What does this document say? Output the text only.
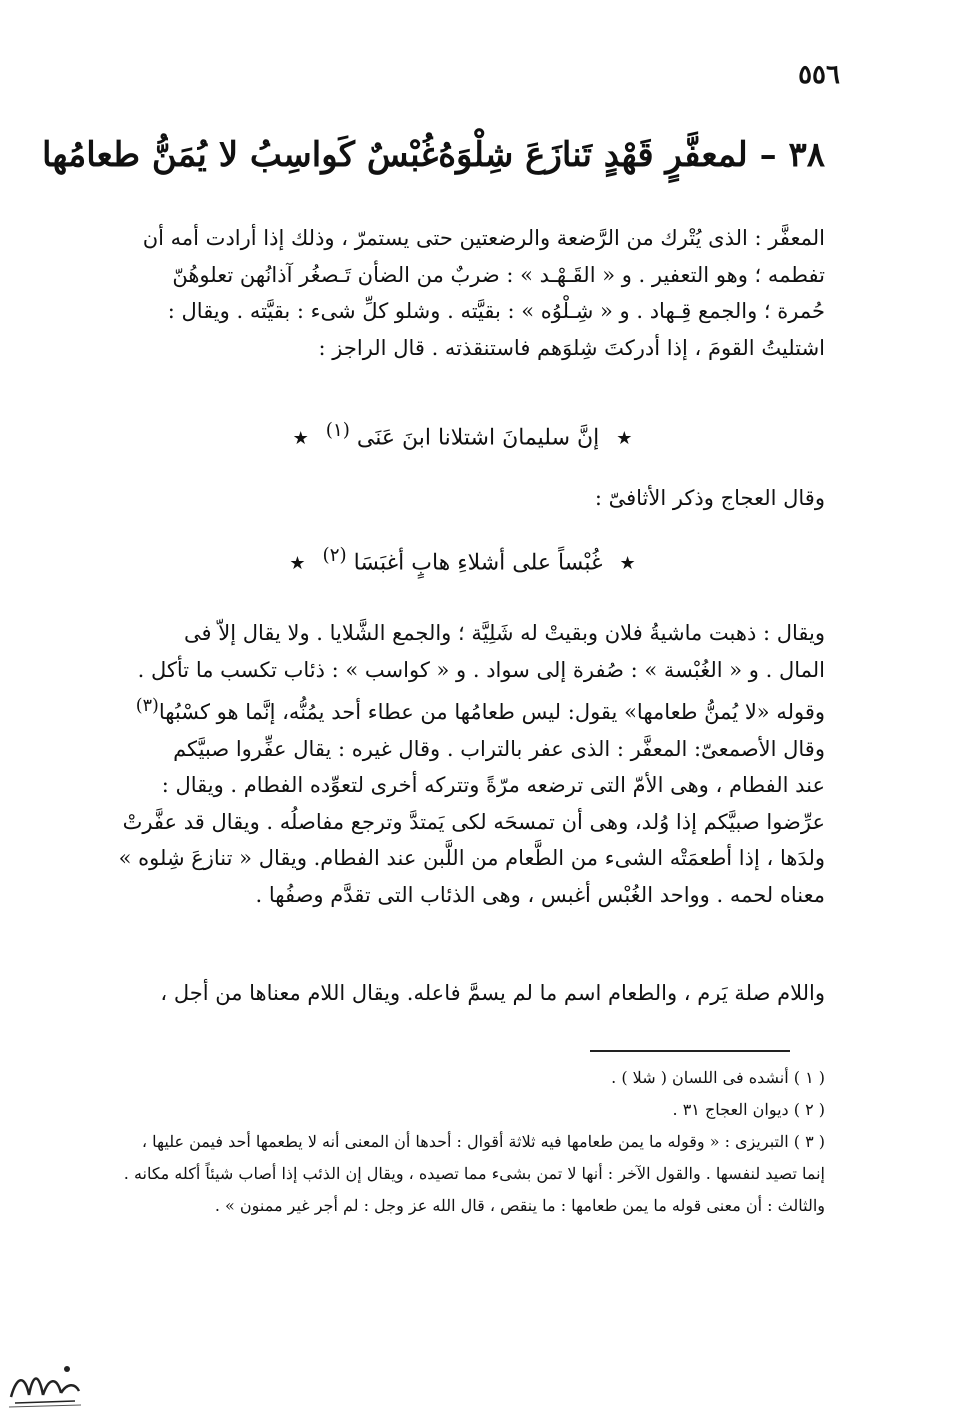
٥٥٦
٣٨ – لمعفَّرٍ قَهْدٍ تَنازَعَ شِلْوَهُ
غُبْسٌ كَواسِبُ لا يُمَنُّ طعامُها

المعفَّر : الذى يُتْرك من الرَّضعة والرضعتين حتى يستمرّ ، وذلك إذا أرادت أمه أن

تفطمه ؛ وهو التعفير . و « القَـهْـد » : ضربٌ من الضأن تَـصغُر آذانُهن تعلوهُنّ

حُمرة ؛ والجمع قِـهاد . و « شِـلْوُه » : بقيَّته . وشلو كلِّ شىء : بقيَّته . ويقال :

اشتليتُ القومَ ، إذا أدركتَ شِلوَهم فاستنقذته . قال الراجز :

★ إنَّ سليمانَ اشتلانا ابنَ عَنَى $^{(١)}$ ★

وقال العجاج وذكر الأثافىّ :

★ غُبْساً على أشلاءِ هابٍ أغبَسَا $^{(٢)}$ ★

ويقال : ذهبت ماشيةُ فلان وبقيتْ له شَلِيَّة ؛ والجمع الشَّلايا . ولا يقال إلاّ فى

المال . و « الغُبْسة » : صُفرة إلى سواد . و « كواسب » : ذئاب تكسب ما تأكل .

وقوله «لا يُمنُّ طعامها» يقول: ليس طعامُها من عطاء أحد يمُنُّه، إنَّما هو كسْبُها$^{(٣)}$

وقال الأصمعىّ: المعفَّر : الذى عفر بالتراب . وقال غيره : يقال عفِّروا صبيَّكم

عند الفطام ، وهى الأمّ التى ترضعه مرّةً وتتركه أخرى لتعوِّده الفطام . ويقال :

عرِّضوا صبيَّكم إذا وُلد، وهى أن تمسحَه لكى يَمتدَّ وترجع مفاصلُه . ويقال قد عفَّرتْ

ولدَها ، إذا أطعمَتْه الشىء من الطَّعام من اللَّبن عند الفطام. ويقال « تنازعَ شِلوه »

معناه لحمه . وواحد الغُبْس أغبس ، وهى الذئاب التى تقدَّم وصفُها .

واللام صلة يَرم ، والطعام اسم ما لم يسمَّ فاعله. ويقال اللام معناها من أجل ،

( ١ ) أنشده فى اللسان ( شلا ) .

( ٢ ) ديوان العجاج ٣١ .

( ٣ ) التبريزى : « وقوله ما يمن طعامها فيه ثلاثة أقوال : أحدها أن المعنى أنه لا يطعمها أحد فيمن عليها ،

إنما تصيد لنفسها . والقول الآخر : أنها لا تمن بشىء مما تصيده ، ويقال إن الذئب إذا أصاب شيئاً أكله مكانه .

والثالث : أن معنى قوله ما يمن طعامها : ما ينقص ، قال الله عز وجل : لم أجر غير ممنون » .
